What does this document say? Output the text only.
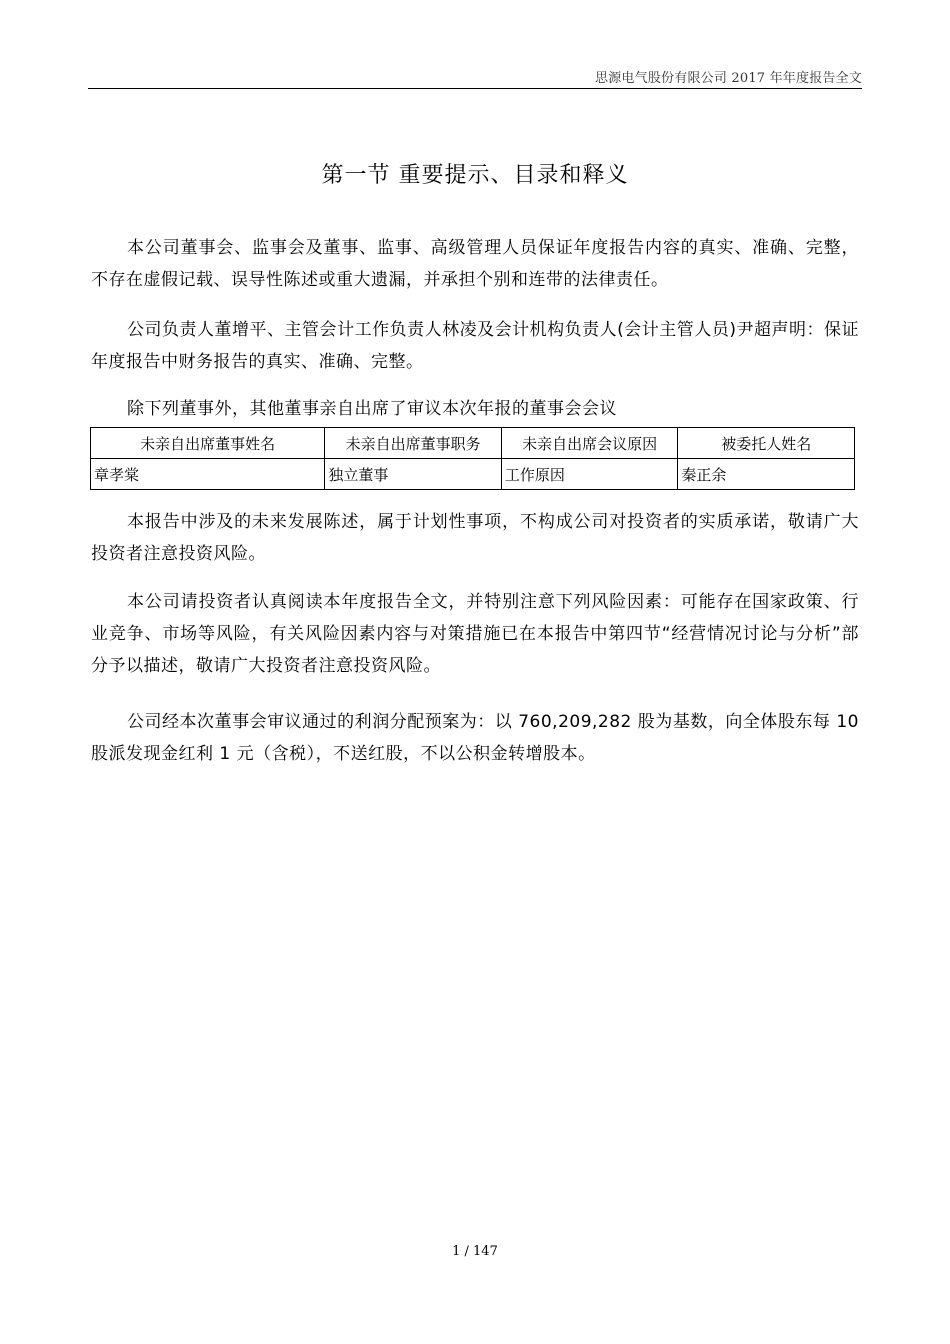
思源电气股份有限公司 2017 年年度报告全文
第一节 重要提示、目录和释义
本公司董事会、监事会及董事、监事、高级管理人员保证年度报告内容的真实、准确、完整，不存在虚假记载、误导性陈述或重大遗漏，并承担个别和连带的法律责任。
公司负责人董增平、主管会计工作负责人林凌及会计机构负责人(会计主管人员)尹超声明：保证年度报告中财务报告的真实、准确、完整。
除下列董事外，其他董事亲自出席了审议本次年报的董事会会议
未亲自出席董事姓名	未亲自出席董事职务	未亲自出席会议原因	被委托人姓名
章孝棠	独立董事	工作原因	秦正余
本报告中涉及的未来发展陈述，属于计划性事项，不构成公司对投资者的实质承诺，敬请广大投资者注意投资风险。
本公司请投资者认真阅读本年度报告全文，并特别注意下列风险因素：可能存在国家政策、行业竞争、市场等风险，有关风险因素内容与对策措施已在本报告中第四节“经营情况讨论与分析”部分予以描述，敬请广大投资者注意投资风险。
公司经本次董事会审议通过的利润分配预案为：以 760,209,282 股为基数，向全体股东每 10 股派发现金红利 1 元（含税），不送红股，不以公积金转增股本。
1 / 147
